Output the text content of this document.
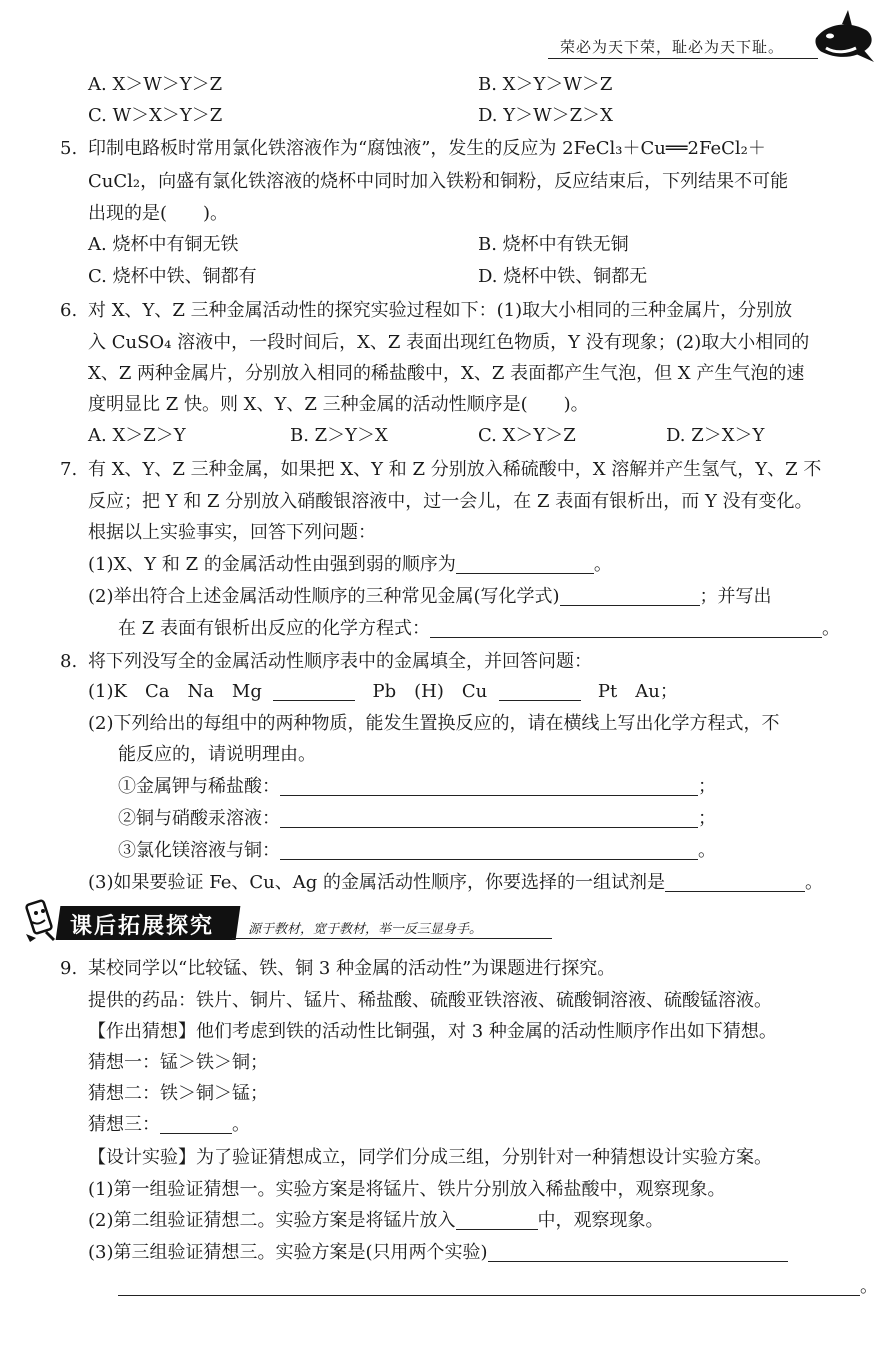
荣必为天下荣，耻必为天下耻。
A. X＞W＞Y＞Z	B. X＞Y＞W＞Z
C. W＞X＞Y＞Z	D. Y＞W＞Z＞X
5. 印制电路板时常用氯化铁溶液作为“腐蚀液”，发生的反应为 2FeCl₃＋Cu══2FeCl₂＋
CuCl₂，向盛有氯化铁溶液的烧杯中同时加入铁粉和铜粉，反应结束后，下列结果不可能
出现的是(　　)。
A. 烧杯中有铜无铁	B. 烧杯中有铁无铜
C. 烧杯中铁、铜都有	D. 烧杯中铁、铜都无
6. 对 X、Y、Z 三种金属活动性的探究实验过程如下：(1)取大小相同的三种金属片，分别放
入 CuSO₄ 溶液中，一段时间后，X、Z 表面出现红色物质，Y 没有现象；(2)取大小相同的
X、Z 两种金属片，分别放入相同的稀盐酸中，X、Z 表面都产生气泡，但 X 产生气泡的速
度明显比 Z 快。则 X、Y、Z 三种金属的活动性顺序是(　　)。
A. X＞Z＞Y	B. Z＞Y＞X	C. X＞Y＞Z	D. Z＞X＞Y
7. 有 X、Y、Z 三种金属，如果把 X、Y 和 Z 分别放入稀硫酸中，X 溶解并产生氢气，Y、Z 不
反应；把 Y 和 Z 分别放入硝酸银溶液中，过一会儿，在 Z 表面有银析出，而 Y 没有变化。
根据以上实验事实，回答下列问题：
(1)X、Y 和 Z 的金属活动性由强到弱的顺序为	。
(2)举出符合上述金属活动性顺序的三种常见金属(写化学式)	；并写出
在 Z 表面有银析出反应的化学方程式：	。
8. 将下列没写全的金属活动性顺序表中的金属填全，并回答问题：
(1)K　Ca　Na　Mg	Pb　(H)　Cu	Pt　Au；
(2)下列给出的每组中的两种物质，能发生置换反应的，请在横线上写出化学方程式，不
能反应的，请说明理由。
①金属钾与稀盐酸：	；
②铜与硝酸汞溶液：	；
③氯化镁溶液与铜：	。
(3)如果要验证 Fe、Cu、Ag 的金属活动性顺序，你要选择的一组试剂是	。
课后拓展探究	源于教材，宽于教材，举一反三显身手。
9. 某校同学以“比较锰、铁、铜 3 种金属的活动性”为课题进行探究。
提供的药品：铁片、铜片、锰片、稀盐酸、硫酸亚铁溶液、硫酸铜溶液、硫酸锰溶液。
【作出猜想】他们考虑到铁的活动性比铜强，对 3 种金属的活动性顺序作出如下猜想。
猜想一：锰＞铁＞铜；
猜想二：铁＞铜＞锰；
猜想三：	。
【设计实验】为了验证猜想成立，同学们分成三组，分别针对一种猜想设计实验方案。
(1)第一组验证猜想一。实验方案是将锰片、铁片分别放入稀盐酸中，观察现象。
(2)第二组验证猜想二。实验方案是将锰片放入	中，观察现象。
(3)第三组验证猜想三。实验方案是(只用两个实验)
。
